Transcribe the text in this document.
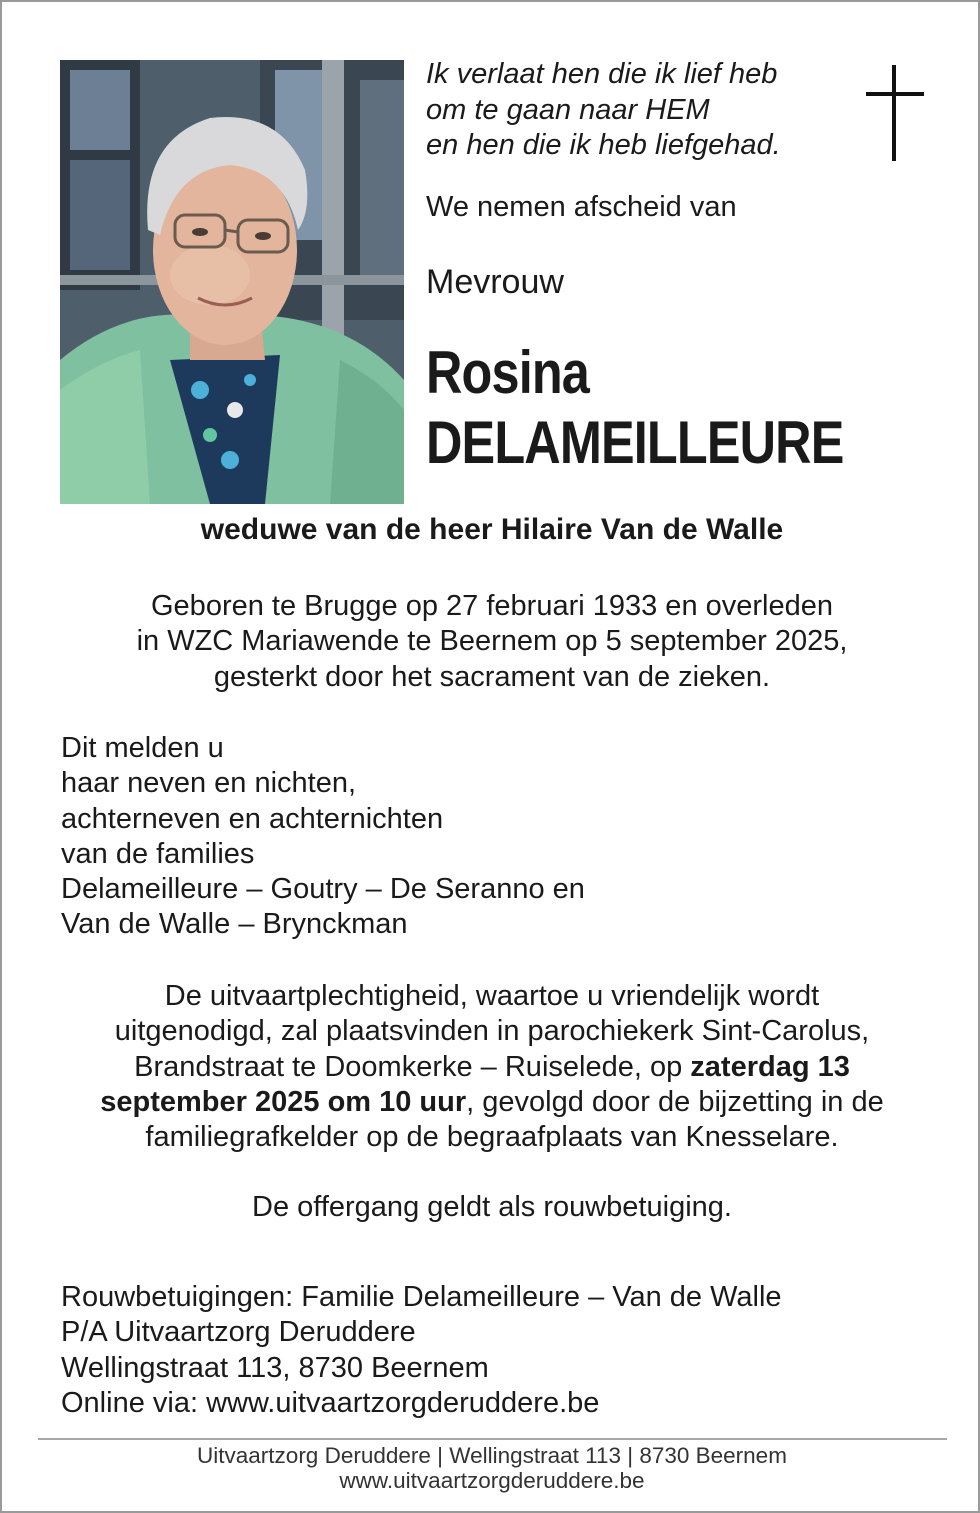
Ik verlaat hen die ik lief heb
om te gaan naar HEM
en hen die ik heb liefgehad.
We nemen afscheid van
Mevrouw
Rosina
DELAMEILLEURE
weduwe van de heer Hilaire Van de Walle
Geboren te Brugge op 27 februari 1933 en overleden
in WZC Mariawende te Beernem op 5 september 2025,
gesterkt door het sacrament van de zieken.
Dit melden u
haar neven en nichten,
achterneven en achternichten
van de families
Delameilleure – Goutry – De Seranno en
Van de Walle – Brynckman
De uitvaartplechtigheid, waartoe u vriendelijk wordt
uitgenodigd, zal plaatsvinden in parochiekerk Sint-Carolus,
Brandstraat te Doomkerke – Ruiselede, op zaterdag 13
september 2025 om 10 uur, gevolgd door de bijzetting in de
familiegrafkelder op de begraafplaats van Knesselare.
De offergang geldt als rouwbetuiging.
Rouwbetuigingen: Familie Delameilleure – Van de Walle
P/A Uitvaartzorg Deruddere
Wellingstraat 113, 8730 Beernem
Online via: www.uitvaartzorgderuddere.be
Uitvaartzorg Deruddere | Wellingstraat 113 | 8730 Beernem
www.uitvaartzorgderuddere.be
